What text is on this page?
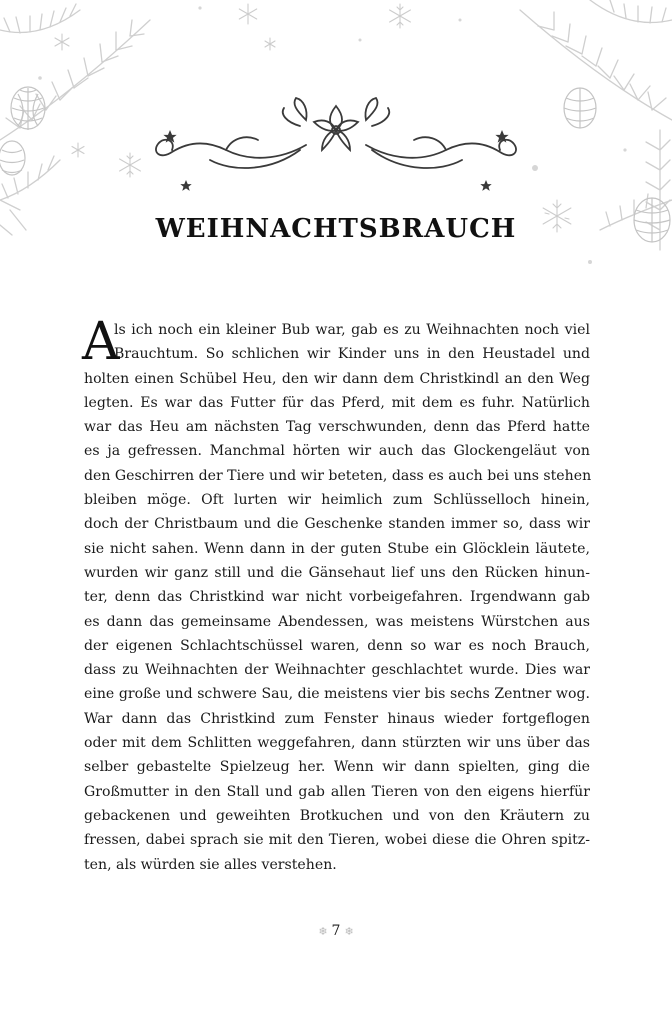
WEIHNACHTSBRAUCH
A
ls ich noch ein kleiner Bub war, gab es zu Weihnachten noch viel
Brauchtum. So schlichen wir Kinder uns in den Heustadel und
holten einen Schübel Heu, den wir dann dem Christkindl an den Weg
legten. Es war das Futter für das Pferd, mit dem es fuhr. Natürlich
war das Heu am nächsten Tag verschwunden, denn das Pferd hatte
es ja gefressen. Manchmal hörten wir auch das Glockengeläut von
den Geschirren der Tiere und wir beteten, dass es auch bei uns stehen
bleiben möge. Oft lurten wir heimlich zum Schlüsselloch hinein,
doch der Christbaum und die Geschenke standen immer so, dass wir
sie nicht sahen. Wenn dann in der guten Stube ein Glöcklein läutete,
wurden wir ganz still und die Gänsehaut lief uns den Rücken hinun-
ter, denn das Christkind war nicht vorbeigefahren. Irgendwann gab
es dann das gemeinsame Abendessen, was meistens Würstchen aus
der eigenen Schlachtschüssel waren, denn so war es noch Brauch,
dass zu Weihnachten der Weihnachter geschlachtet wurde. Dies war
eine große und schwere Sau, die meistens vier bis sechs Zentner wog.
War dann das Christkind zum Fenster hinaus wieder fortgeflogen
oder mit dem Schlitten weggefahren, dann stürzten wir uns über das
selber gebastelte Spielzeug her. Wenn wir dann spielten, ging die
Großmutter in den Stall und gab allen Tieren von den eigens hierfür
gebackenen und geweihten Brotkuchen und von den Kräutern zu
fressen, dabei sprach sie mit den Tieren, wobei diese die Ohren spitz-
ten, als würden sie alles verstehen.
❄ 7 ❄
